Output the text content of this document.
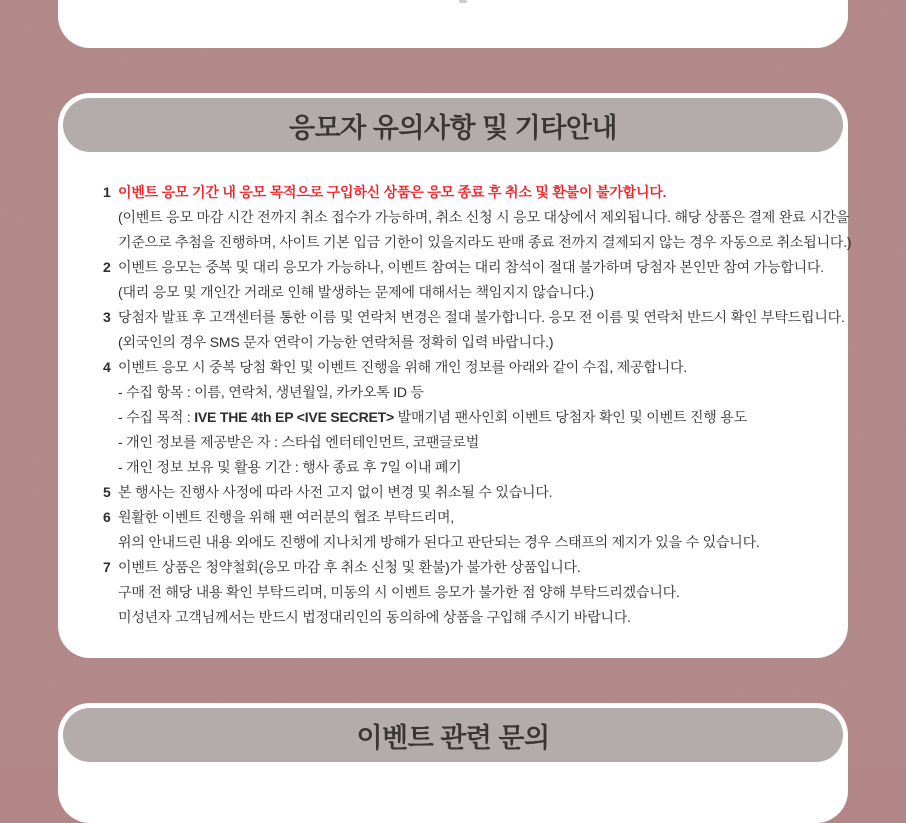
응모자 유의사항 및 기타안내
1 이벤트 응모 기간 내 응모 목적으로 구입하신 상품은 응모 종료 후 취소 및 환불이 불가합니다.
(이벤트 응모 마감 시간 전까지 취소 접수가 가능하며, 취소 신청 시 응모 대상에서 제외됩니다. 해당 상품은 결제 완료 시간을
기준으로 추첨을 진행하며, 사이트 기본 입금 기한이 있을지라도 판매 종료 전까지 결제되지 않는 경우 자동으로 취소됩니다.)
2 이벤트 응모는 중복 및 대리 응모가 가능하나, 이벤트 참여는 대리 참석이 절대 불가하며 당첨자 본인만 참여 가능합니다.
(대리 응모 및 개인간 거래로 인해 발생하는 문제에 대해서는 책임지지 않습니다.)
3 당첨자 발표 후 고객센터를 통한 이름 및 연락처 변경은 절대 불가합니다. 응모 전 이름 및 연락처 반드시 확인 부탁드립니다.
(외국인의 경우 SMS 문자 연락이 가능한 연락처를 정확히 입력 바랍니다.)
4 이벤트 응모 시 중복 당첨 확인 및 이벤트 진행을 위해 개인 정보를 아래와 같이 수집, 제공합니다.
- 수집 항목 : 이름, 연락처, 생년월일, 카카오톡 ID 등
- 수집 목적 : IVE THE 4th EP <IVE SECRET> 발매기념 팬사인회 이벤트 당첨자 확인 및 이벤트 진행 용도
- 개인 정보를 제공받은 자 : 스타쉽 엔터테인먼트, 코팬글로벌
- 개인 정보 보유 및 활용 기간 : 행사 종료 후 7일 이내 폐기
5 본 행사는 진행사 사정에 따라 사전 고지 없이 변경 및 취소될 수 있습니다.
6 원활한 이벤트 진행을 위해 팬 여러분의 협조 부탁드리며,
위의 안내드린 내용 외에도 진행에 지나치게 방해가 된다고 판단되는 경우 스태프의 제지가 있을 수 있습니다.
7 이벤트 상품은 청약철회(응모 마감 후 취소 신청 및 환불)가 불가한 상품입니다.
구매 전 해당 내용 확인 부탁드리며, 미동의 시 이벤트 응모가 불가한 점 양해 부탁드리겠습니다.
미성년자 고객님께서는 반드시 법정대리인의 동의하에 상품을 구입해 주시기 바랍니다.
이벤트 관련 문의
